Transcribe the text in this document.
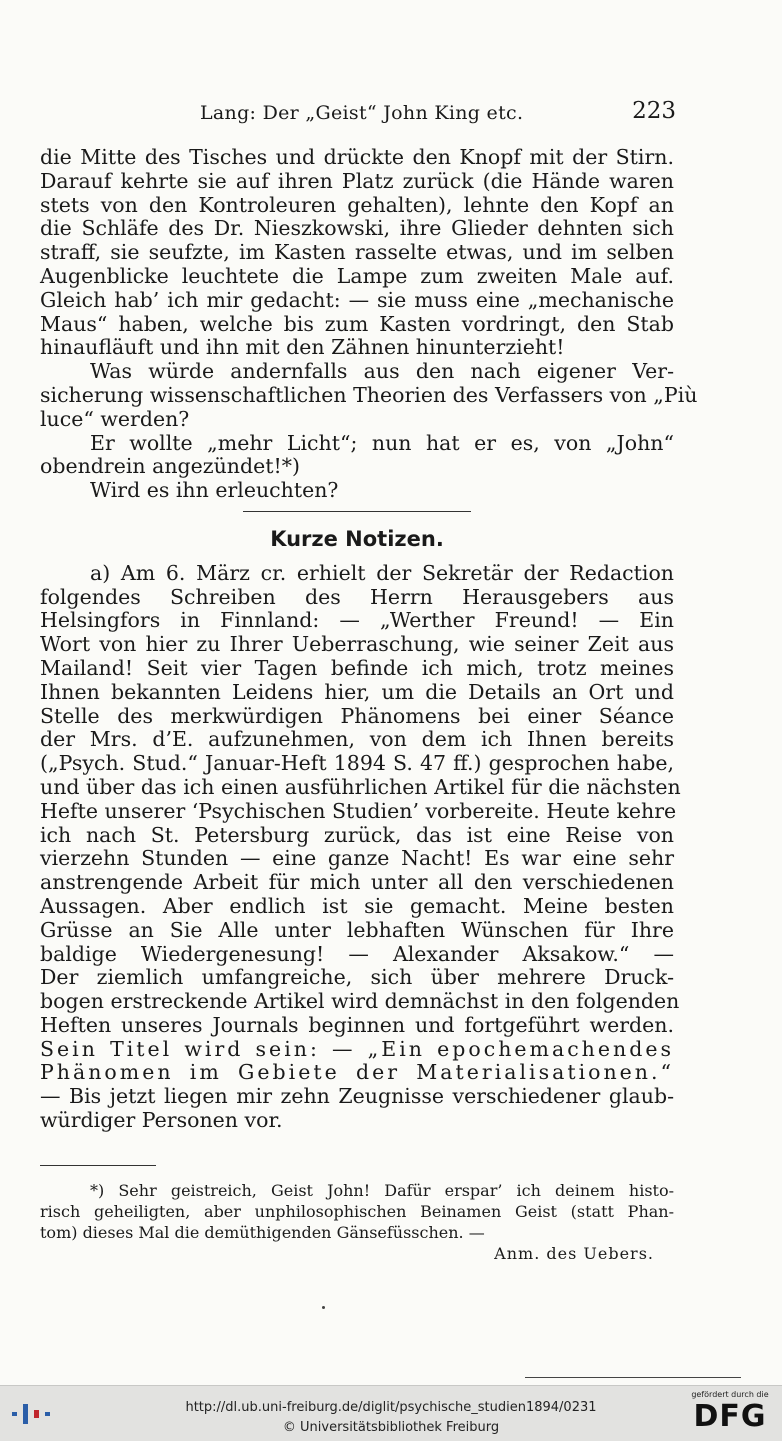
Lang: Der „Geist“ John King etc.	223

die Mitte des Tisches und drückte den Knopf mit der Stirn.
Darauf kehrte sie auf ihren Platz zurück (die Hände waren
stets von den Kontroleuren gehalten), lehnte den Kopf an
die Schläfe des Dr. Nieszkowski, ihre Glieder dehnten sich
straff, sie seufzte, im Kasten rasselte etwas, und im selben
Augenblicke leuchtete die Lampe zum zweiten Male auf.
Gleich hab’ ich mir gedacht: — sie muss eine „mechanische
Maus“ haben, welche bis zum Kasten vordringt, den Stab
hinaufläuft und ihn mit den Zähnen hinunterzieht!

Was würde andernfalls aus den nach eigener Ver-
sicherung wissenschaftlichen Theorien des Verfassers von „Più
luce“ werden?

Er wollte „mehr Licht“; nun hat er es, von „John“
obendrein angezündet!*)

Wird es ihn erleuchten?

Kurze Notizen.

a) Am 6. März cr. erhielt der Sekretär der Redaction
folgendes Schreiben des Herrn Herausgebers aus
Helsingfors in Finnland: — „Werther Freund! — Ein
Wort von hier zu Ihrer Ueberraschung, wie seiner Zeit aus
Mailand! Seit vier Tagen befinde ich mich, trotz meines
Ihnen bekannten Leidens hier, um die Details an Ort und
Stelle des merkwürdigen Phänomens bei einer Séance
der Mrs. d’E. aufzunehmen, von dem ich Ihnen bereits
(„Psych. Stud.“ Januar-Heft 1894 S. 47 ff.) gesprochen habe,
und über das ich einen ausführlichen Artikel für die nächsten
Hefte unserer ‘Psychischen Studien’ vorbereite. Heute kehre
ich nach St. Petersburg zurück, das ist eine Reise von
vierzehn Stunden — eine ganze Nacht! Es war eine sehr
anstrengende Arbeit für mich unter all den verschiedenen
Aussagen. Aber endlich ist sie gemacht. Meine besten
Grüsse an Sie Alle unter lebhaften Wünschen für Ihre
baldige Wiedergenesung! — Alexander Aksakow.“ —
Der ziemlich umfangreiche, sich über mehrere Druck-
bogen erstreckende Artikel wird demnächst in den folgenden
Heften unseres Journals beginnen und fortgeführt werden.
Sein Titel wird sein: — „Ein epochemachendes
Phänomen im Gebiete der Materialisationen.“
— Bis jetzt liegen mir zehn Zeugnisse verschiedener glaub-
würdiger Personen vor.

*) Sehr geistreich, Geist John! Dafür erspar’ ich deinem histo-
risch geheiligten, aber unphilosophischen Beinamen Geist (statt Phan-
tom) dieses Mal die demüthigenden Gänsefüsschen. —
Anm. des Uebers.
http://dl.ub.uni-freiburg.de/diglit/psychische_studien1894/0231
© Universitätsbibliothek Freiburg
gefördert durch die
DFG
